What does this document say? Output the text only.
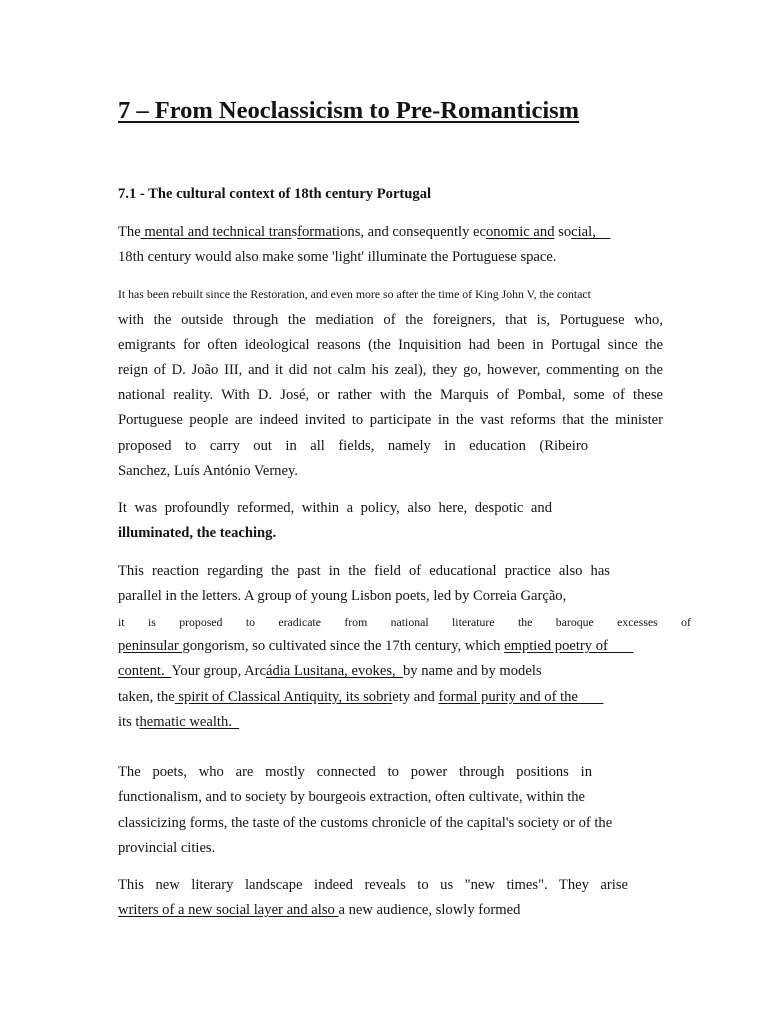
7 – From Neoclassicism to Pre-Romanticism
7.1 - The cultural context of 18th century Portugal
The mental and technical transformations, and consequently economic and social,
18th century would also make some 'light' illuminate the Portuguese space.
It has been rebuilt since the Restoration, and even more so after the time of King John V, the contact
with the outside through the mediation of the foreigners, that is, Portuguese who,
emigrants for often ideological reasons (the Inquisition had been in Portugal since the
reign of D. João III, and it did not calm his zeal), they go, however, commenting on the
national reality. With D. José, or rather with the Marquis of Pombal, some of these
Portuguese people are indeed invited to participate in the vast reforms that the minister
proposed to carry out in all fields, namely in education (Ribeiro
Sanchez, Luís António Verney.
It was profoundly reformed, within a policy, also here, despotic and
illuminated, the teaching.
This reaction regarding the past in the field of educational practice also has
parallel in the letters. A group of young Lisbon poets, led by Correia Garção,
it is proposed to eradicate from national literature the baroque excesses of
peninsular gongorism, so cultivated since the 17th century, which emptied poetry of
content.  Your group, Arcádia Lusitana, evokes,  by name and by models
taken, the spirit of Classical Antiquity, its sobriety and formal purity and of the
its thematic wealth.
The poets, who are mostly connected to power through positions in
functionalism, and to society by bourgeois extraction, often cultivate, within the
classicizing forms, the taste of the customs chronicle of the capital's society or of the
provincial cities.
This new literary landscape indeed reveals to us "new times". They arise
writers of a new social layer and also a new audience, slowly formed
